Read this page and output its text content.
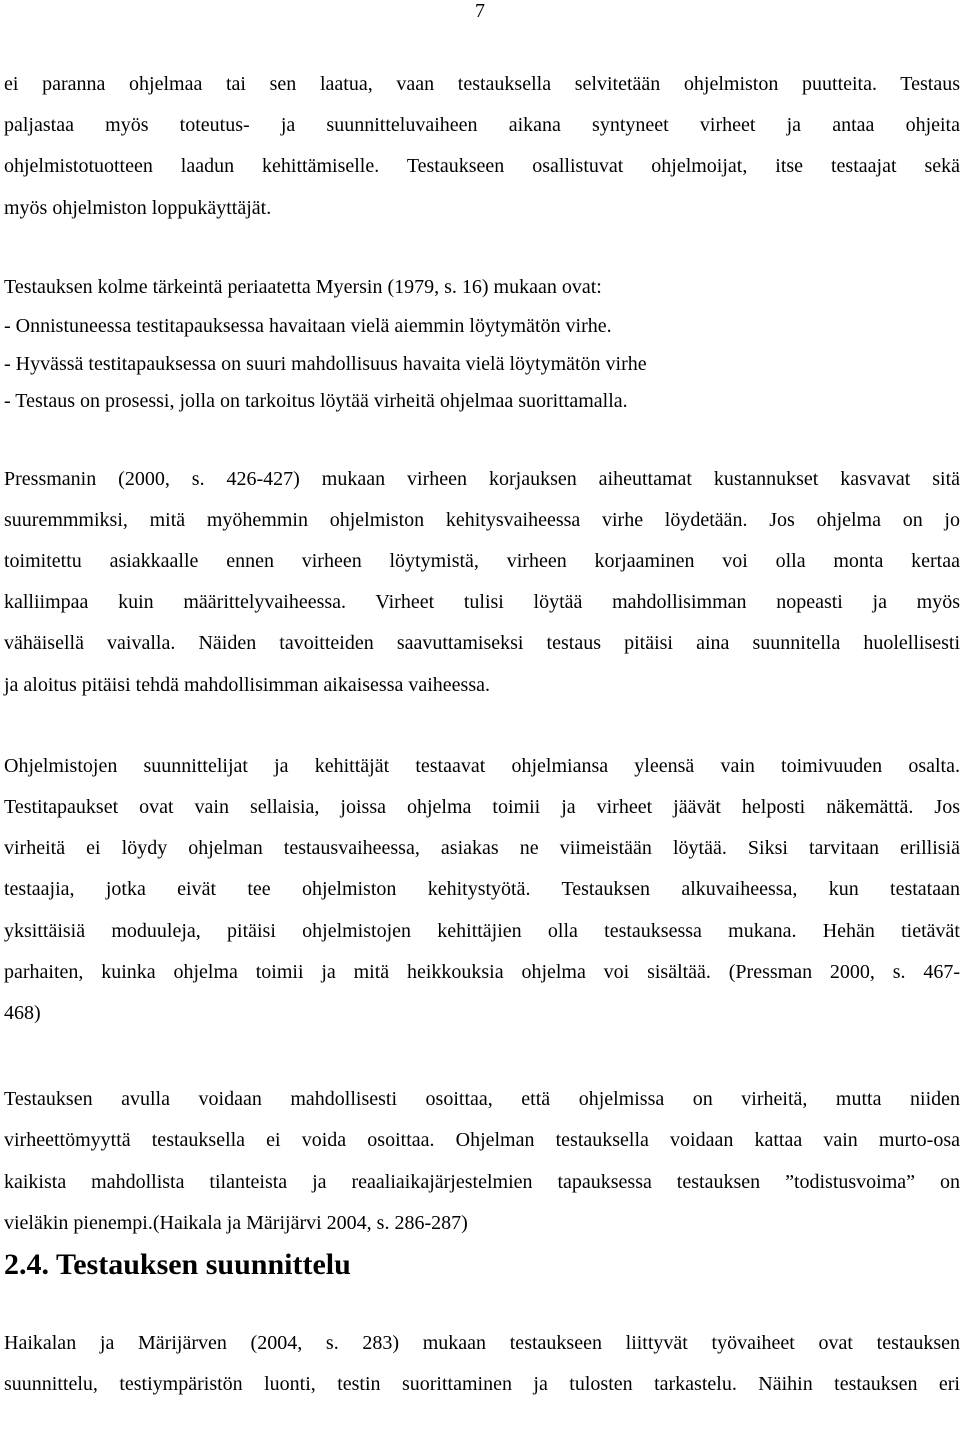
7

ei paranna ohjelmaa tai sen laatua, vaan testauksella selvitetään ohjelmiston puutteita. Testaus
paljastaa myös toteutus- ja suunnitteluvaiheen aikana syntyneet virheet ja antaa ohjeita
ohjelmistotuotteen laadun kehittämiselle. Testaukseen osallistuvat ohjelmoijat, itse testaajat sekä
myös ohjelmiston loppukäyttäjät.

Testauksen kolme tärkeintä periaatetta Myersin (1979, s. 16) mukaan ovat:
- Onnistuneessa testitapauksessa havaitaan vielä aiemmin löytymätön virhe.
- Hyvässä testitapauksessa on suuri mahdollisuus havaita vielä löytymätön virhe
- Testaus on prosessi, jolla on tarkoitus löytää virheitä ohjelmaa suorittamalla.

Pressmanin (2000, s. 426-427) mukaan virheen korjauksen aiheuttamat kustannukset kasvavat sitä
suuremmmiksi, mitä myöhemmin ohjelmiston kehitysvaiheessa virhe löydetään. Jos ohjelma on jo
toimitettu asiakkaalle ennen virheen löytymistä, virheen korjaaminen voi olla monta kertaa
kalliimpaa kuin määrittelyvaiheessa. Virheet tulisi löytää mahdollisimman nopeasti ja myös
vähäisellä vaivalla. Näiden tavoitteiden saavuttamiseksi testaus pitäisi aina suunnitella huolellisesti
ja aloitus pitäisi tehdä mahdollisimman aikaisessa vaiheessa.

Ohjelmistojen suunnittelijat ja kehittäjät testaavat ohjelmiansa yleensä vain toimivuuden osalta.
Testitapaukset ovat vain sellaisia, joissa ohjelma toimii ja virheet jäävät helposti näkemättä. Jos
virheitä ei löydy ohjelman testausvaiheessa, asiakas ne viimeistään löytää. Siksi tarvitaan erillisiä
testaajia, jotka eivät tee ohjelmiston kehitystyötä. Testauksen alkuvaiheessa, kun testataan
yksittäisiä moduuleja, pitäisi ohjelmistojen kehittäjien olla testauksessa mukana. Hehän tietävät
parhaiten, kuinka ohjelma toimii ja mitä heikkouksia ohjelma voi sisältää. (Pressman 2000, s. 467-
468)

Testauksen avulla voidaan mahdollisesti osoittaa, että ohjelmissa on virheitä, mutta niiden
virheettömyyttä testauksella ei voida osoittaa. Ohjelman testauksella voidaan kattaa vain murto-osa
kaikista mahdollista tilanteista ja reaaliaikajärjestelmien tapauksessa testauksen ”todistusvoima” on
vieläkin pienempi.(Haikala ja Märijärvi 2004, s. 286-287)

2.4. Testauksen suunnittelu

Haikalan ja Märijärven (2004, s. 283) mukaan testaukseen liittyvät työvaiheet ovat testauksen
suunnittelu, testiympäristön luonti, testin suorittaminen ja tulosten tarkastelu. Näihin testauksen eri
